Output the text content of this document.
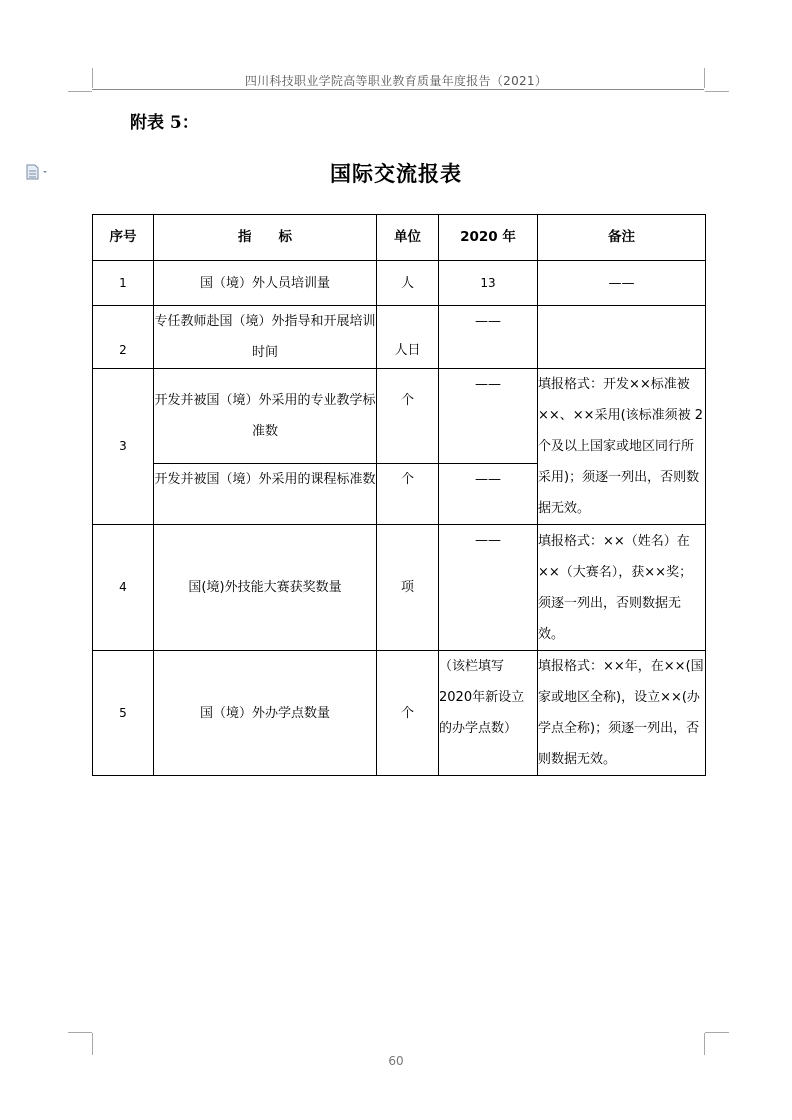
四川科技职业学院高等职业教育质量年度报告（2021）
附表 5：
国际交流报表
序号	指　　标	单位	2020 年	备注
1	国（境）外人员培训量	人	13	——
2	专任教师赴国（境）外指导和开展培训时间	人日	——	
3	开发并被国（境）外采用的专业教学标准数	个	——	填报格式：开发××标准被××、××采用(该标准须被 2个及以上国家或地区同行所采用)；须逐一列出，否则数据无效。
	开发并被国（境）外采用的课程标准数	个	——	
4	国(境)外技能大赛获奖数量	项	——	填报格式：××（姓名）在××（大赛名），获××奖；须逐一列出，否则数据无效。
5	国（境）外办学点数量	个	（该栏填写2020年新设立的办学点数）	填报格式：××年，在××(国家或地区全称)，设立××(办学点全称)；须逐一列出，否则数据无效。
60
